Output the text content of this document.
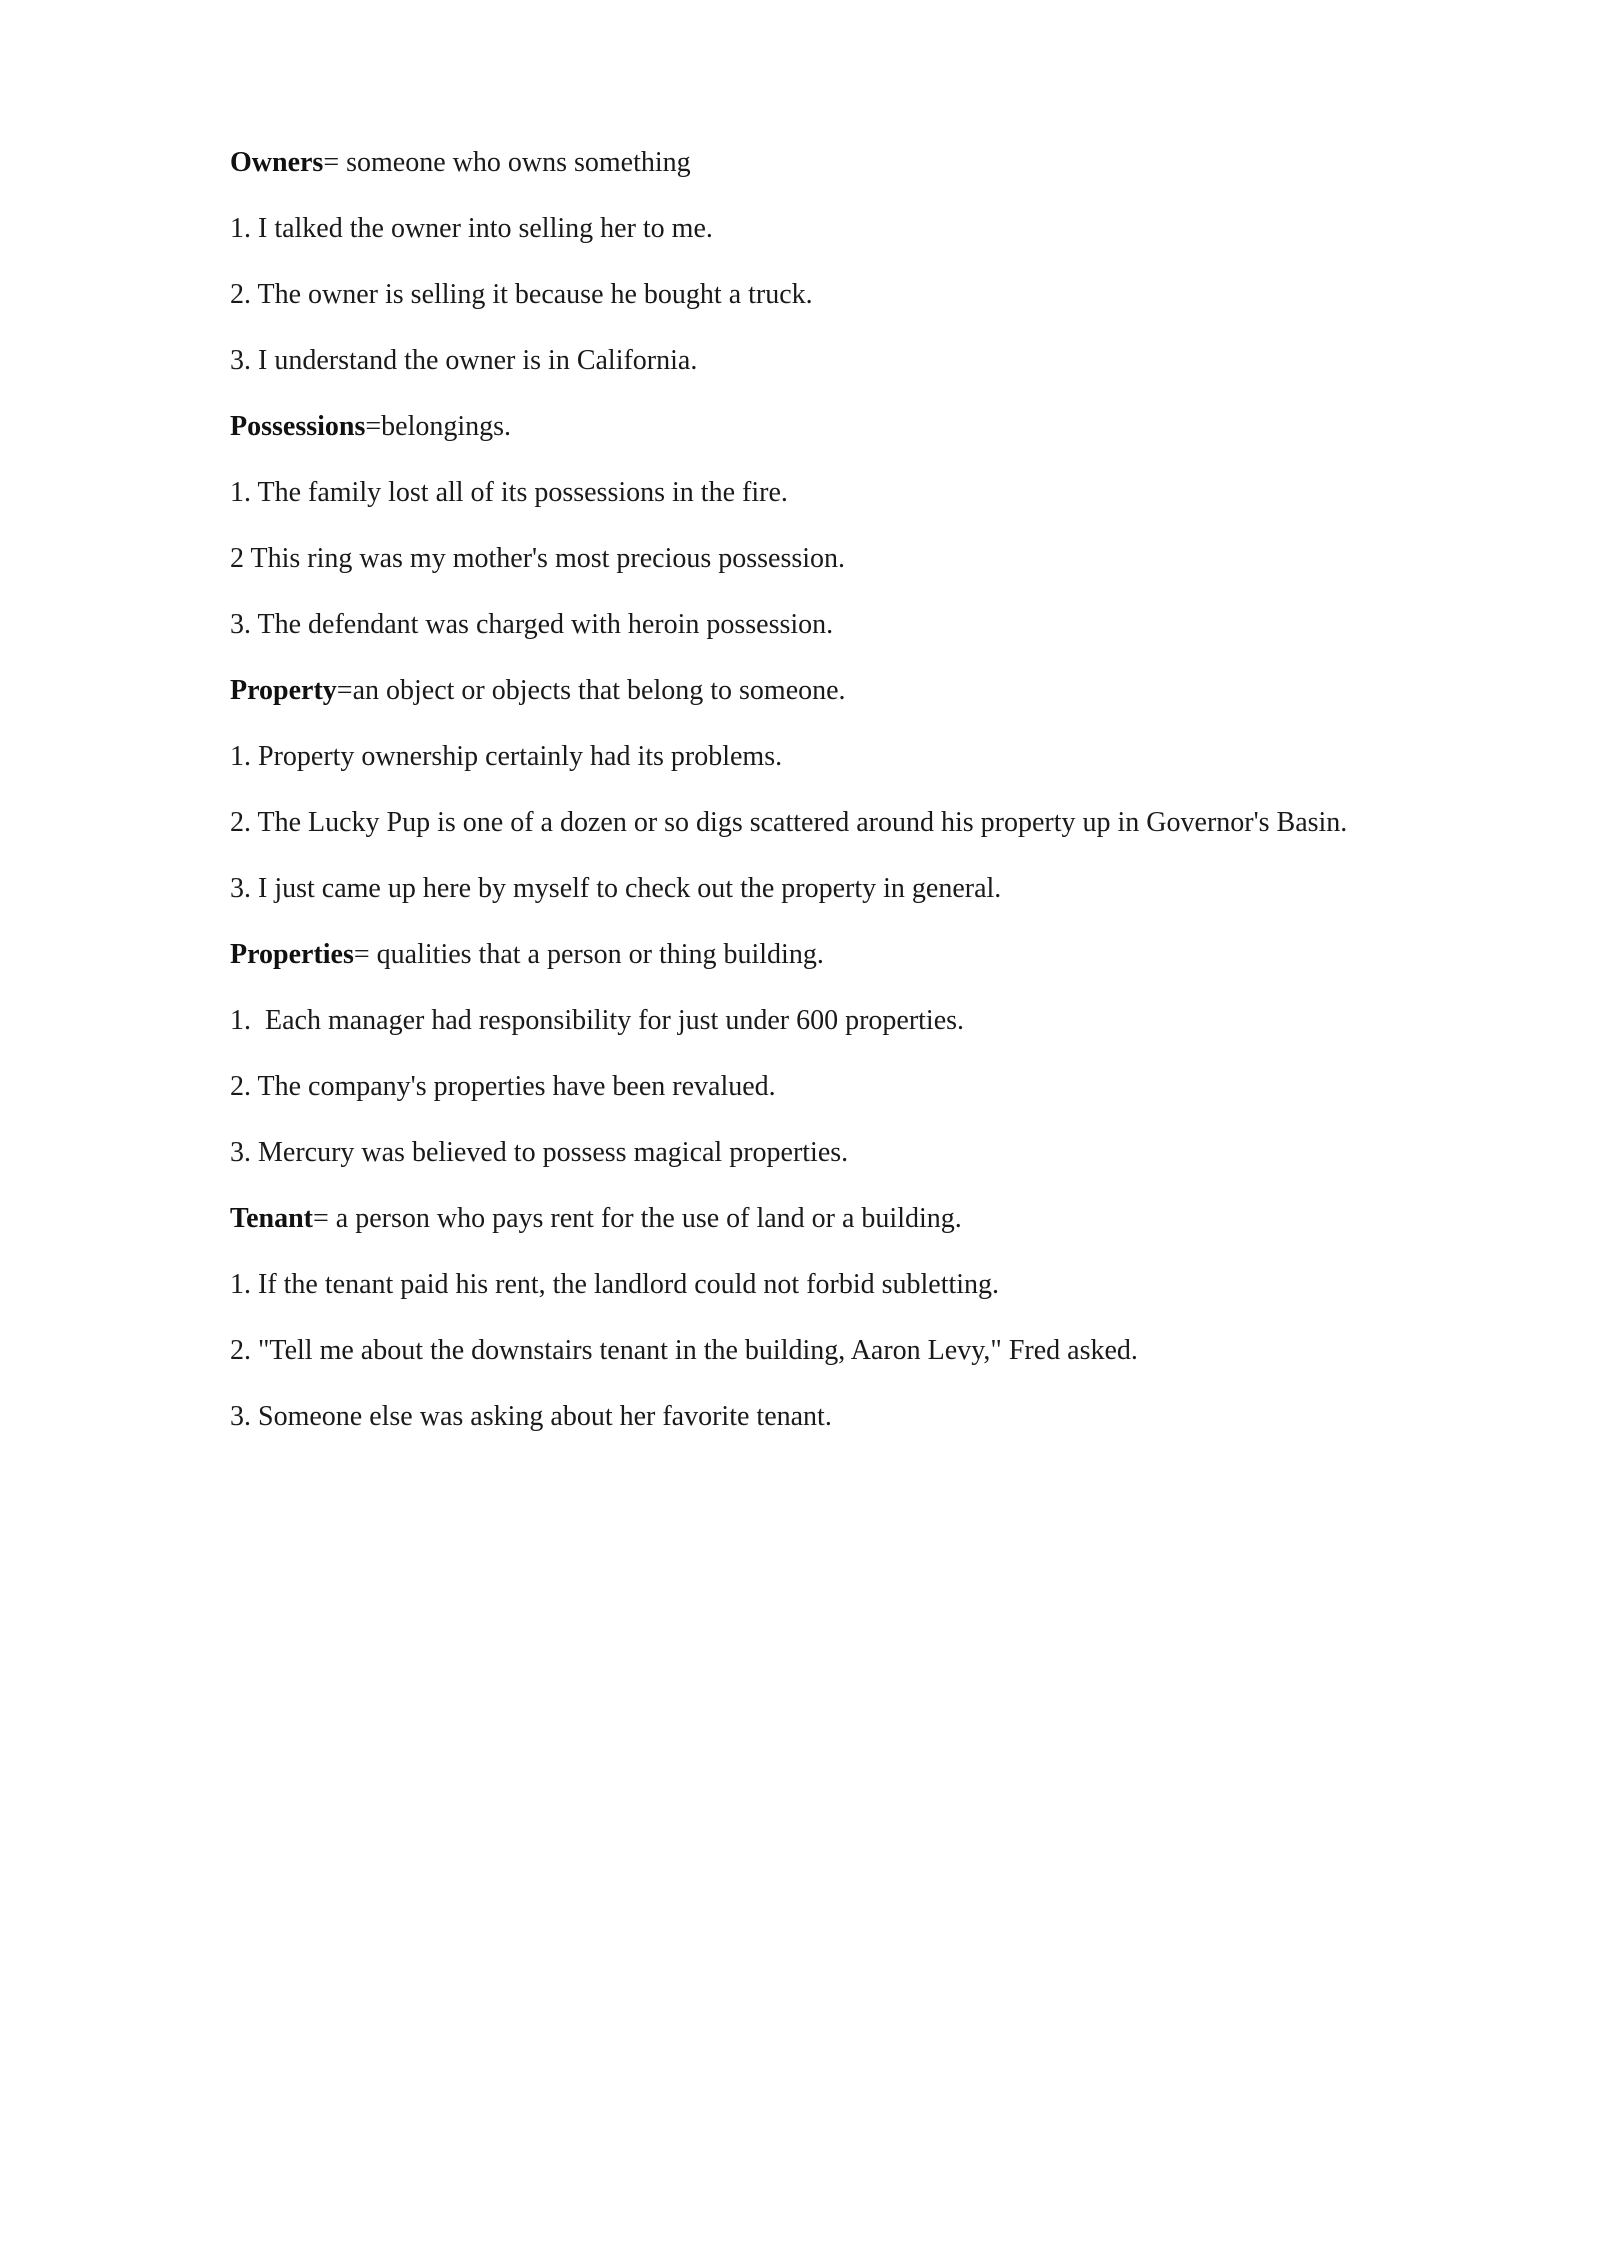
Owners= someone who owns something

1. I talked the owner into selling her to me.

2. The owner is selling it because he bought a truck.

3. I understand the owner is in California.

Possessions=belongings.

1. The family lost all of its possessions in the fire.

2 This ring was my mother's most precious possession.

3. The defendant was charged with heroin possession.

Property=an object or objects that belong to someone.

1. Property ownership certainly had its problems.

2. The Lucky Pup is one of a dozen or so digs scattered around his property up in Governor's Basin.

3. I just came up here by myself to check out the property in general.

Properties= qualities that a person or thing building.

1.  Each manager had responsibility for just under 600 properties.

2. The company's properties have been revalued.

3. Mercury was believed to possess magical properties.

Tenant= a person who pays rent for the use of land or a building.

1. If the tenant paid his rent, the landlord could not forbid subletting.

2. "Tell me about the downstairs tenant in the building, Aaron Levy," Fred asked.

3. Someone else was asking about her favorite tenant.
